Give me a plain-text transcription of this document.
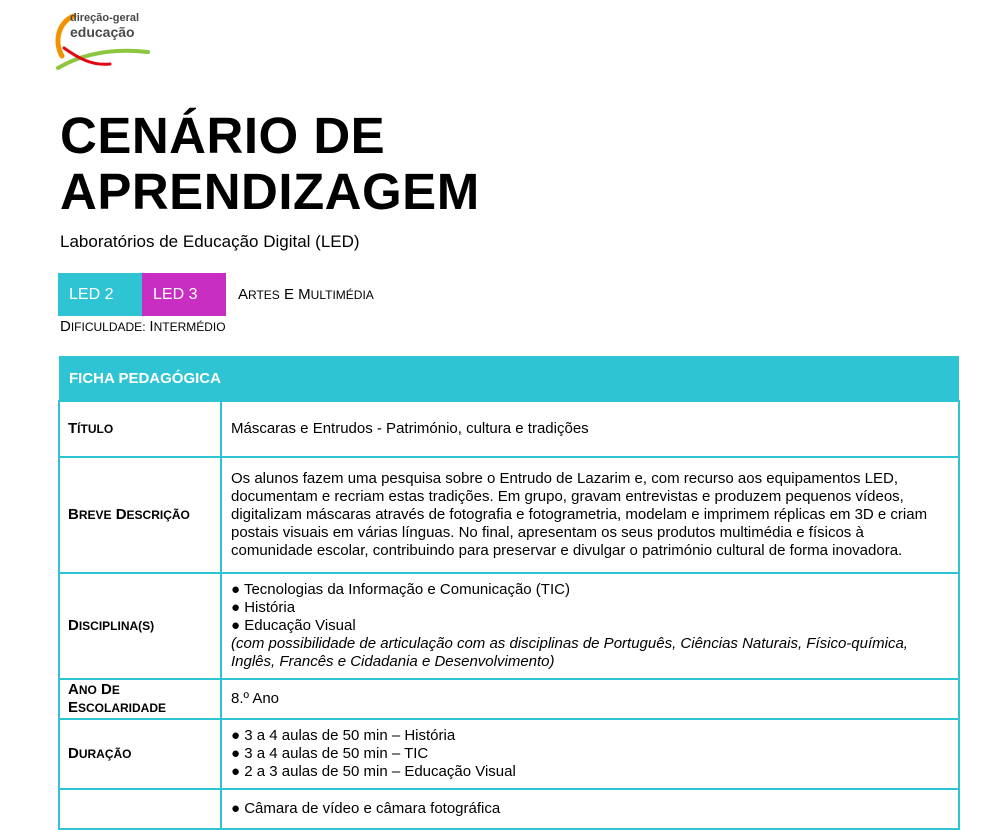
direção-geral
educação
CENÁRIO DE
APRENDIZAGEM
Laboratórios de Educação Digital (LED)
LED 2	LED 3	ARTES E MULTIMÉDIA
DIFICULDADE: INTERMÉDIO
FICHA PEDAGÓGICA	
TÍTULO	Máscaras e Entrudos - Património, cultura e tradições
BREVE DESCRIÇÃO	Os alunos fazem uma pesquisa sobre o Entrudo de Lazarim e, com recurso aos equipamentos LED, documentam e recriam estas tradições. Em grupo, gravam entrevistas e produzem pequenos vídeos, digitalizam máscaras através de fotografia e fotogrametria, modelam e imprimem réplicas em 3D e criam postais visuais em várias línguas. No final, apresentam os seus produtos multimédia e físicos à comunidade escolar, contribuindo para preservar e divulgar o património cultural de forma inovadora.
DISCIPLINA(S)	● Tecnologias da Informação e Comunicação (TIC)
● História
● Educação Visual
(com possibilidade de articulação com as disciplinas de Português, Ciências Naturais, Físico-química, Inglês, Francês e Cidadania e Desenvolvimento)

ANO DE
ESCOLARIDADE	8.º Ano
DURAÇÃO	● 3 a 4 aulas de 50 min – História
● 3 a 4 aulas de 50 min – TIC
● 2 a 3 aulas de 50 min – Educação Visual

	● Câmara de vídeo e câmara fotográfica
